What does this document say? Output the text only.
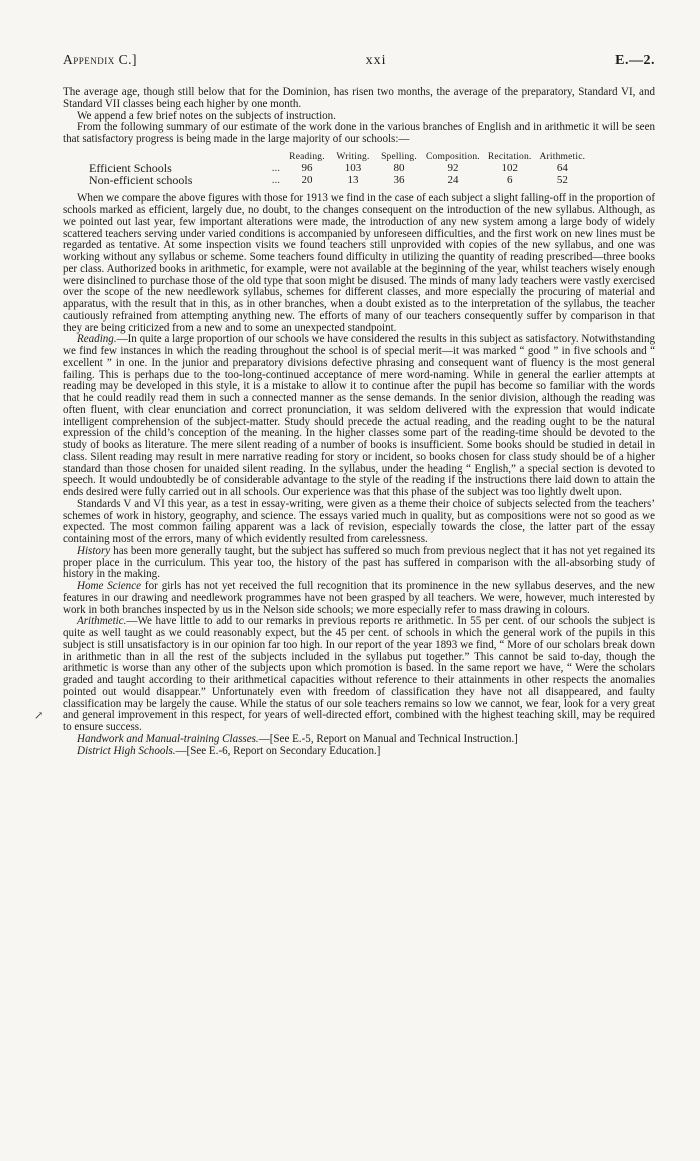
Appendix C.]	xxi	E.—2.

The average age, though still below that for the Dominion, has risen two months, the average of the preparatory, Standard VI, and Standard VII classes being each higher by one month.

We append a few brief notes on the subjects of instruction.

From the following summary of our estimate of the work done in the various branches of English and in arithmetic it will be seen that satisfactory progress is being made in the large majority of our schools:—

		Reading.	Writing.	Spelling.	Composition.	Recitation.	Arithmetic.
Efficient Schools	...	96	103	80	92	102	64
Non-efficient schools	...	20	13	36	24	6	52

When we compare the above figures with those for 1913 we find in the case of each subject a slight falling-off in the proportion of schools marked as efficient, largely due, no doubt, to the changes consequent on the introduction of the new syllabus. Although, as we pointed out last year, few important alterations were made, the introduction of any new system among a large body of widely scattered teachers serving under varied conditions is accompanied by unforeseen difficulties, and the first work on new lines must be regarded as tentative. At some inspection visits we found teachers still unprovided with copies of the new syllabus, and one was working without any syllabus or scheme. Some teachers found difficulty in utilizing the quantity of reading prescribed—three books per class. Authorized books in arithmetic, for example, were not available at the beginning of the year, whilst teachers wisely enough were disinclined to purchase those of the old type that soon might be disused. The minds of many lady teachers were vastly exercised over the scope of the new needlework syllabus, schemes for different classes, and more especially the procuring of material and apparatus, with the result that in this, as in other branches, when a doubt existed as to the interpretation of the syllabus, the teacher cautiously refrained from attempting anything new. The efforts of many of our teachers consequently suffer by comparison in that they are being criticized from a new and to some an unexpected standpoint.

Reading.—In quite a large proportion of our schools we have considered the results in this subject as satisfactory. Notwithstanding we find few instances in which the reading throughout the school is of special merit—it was marked “ good ” in five schools and “ excellent ” in one. In the junior and preparatory divisions defective phrasing and consequent want of fluency is the most general failing. This is perhaps due to the too-long-continued acceptance of mere word-naming. While in general the earlier attempts at reading may be developed in this style, it is a mistake to allow it to continue after the pupil has become so familiar with the words that he could readily read them in such a connected manner as the sense demands. In the senior division, although the reading was often fluent, with clear enunciation and correct pronunciation, it was seldom delivered with the expression that would indicate intelligent comprehension of the subject-matter. Study should precede the actual reading, and the reading ought to be the natural expression of the child’s conception of the meaning. In the higher classes some part of the reading-time should be devoted to the study of books as literature. The mere silent reading of a number of books is insufficient. Some books should be studied in detail in class. Silent reading may result in mere narrative reading for story or incident, so books chosen for class study should be of a higher standard than those chosen for unaided silent reading. In the syllabus, under the heading “ English,” a special section is devoted to speech. It would undoubtedly be of considerable advantage to the style of the reading if the instructions there laid down to attain the ends desired were fully carried out in all schools. Our experience was that this phase of the subject was too lightly dwelt upon.

Standards V and VI this year, as a test in essay-writing, were given as a theme their choice of subjects selected from the teachers’ schemes of work in history, geography, and science. The essays varied much in quality, but as compositions were not so good as we expected. The most common failing apparent was a lack of revision, especially towards the close, the latter part of the essay containing most of the errors, many of which evidently resulted from carelessness.

History has been more generally taught, but the subject has suffered so much from previous neglect that it has not yet regained its proper place in the curriculum. This year too, the history of the past has suffered in comparison with the all-absorbing study of history in the making.

Home Science for girls has not yet received the full recognition that its prominence in the new syllabus deserves, and the new features in our drawing and needlework programmes have not been grasped by all teachers. We were, however, much interested by work in both branches inspected by us in the Nelson side schools; we more especially refer to mass drawing in colours.

Arithmetic.—We have little to add to our remarks in previous reports re arithmetic. In 55 per cent. of our schools the subject is quite as well taught as we could reasonably expect, but the 45 per cent. of schools in which the general work of the pupils in this subject is still unsatisfactory is in our opinion far too high. In our report of the year 1893 we find, “ More of our scholars break down in arithmetic than in all the rest of the subjects included in the syllabus put together.” This cannot be said to-day, though the arithmetic is worse than any other of the subjects upon which promotion is based. In the same report we have, “ Were the scholars graded and taught according to their arithmetical capacities without reference to their attainments in other respects the anomalies pointed out would disappear.” Unfortunately even with freedom of classification they have not all disappeared, and faulty classification may be largely the cause. While the status of our sole teachers remains so low we cannot, we fear, look for a very great and general improvement in this respect, for years of well-directed effort, combined with the highest teaching skill, may be required to ensure success.

Handwork and Manual-training Classes.—[See E.-5, Report on Manual and Technical Instruction.]

District High Schools.—[See E.-6, Report on Secondary Education.]

↗
